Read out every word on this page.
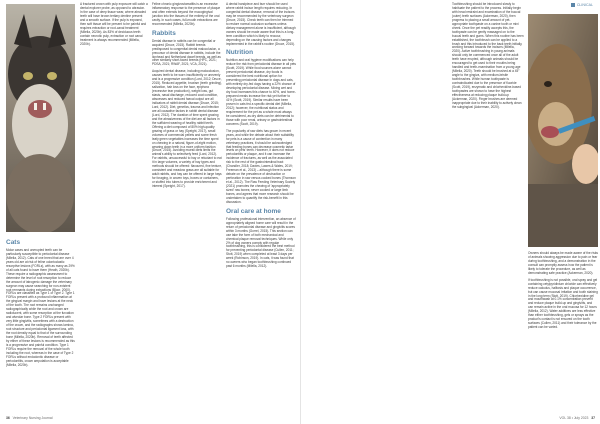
Cats

Molar cases and unerupted teeth can be particularly susceptible to periodontal disease (Milella, 2012). Cats of one breed that are over 4 years old are at risk of feline odontoclastic resorptive lesions (FORLs), with as many as 29% of all cats found to have them (Heath, 2020b). These require a radiographic assessment to determine the level of root resorption to reduce the amount of iatrogenic damage the veterinary surgeon may cause searching for non-existent root remnants during extractions (Bloor, 2000). FORLs are classified as Type 1 or Type 2. Type 1 FORLs present with a profound inflammation at the gingival margin and have lesions at the neck of the tooth. The root remains unchanged radiographically while the root and crown are radiolucent, with some resorption at the furcation and alveolar bone. Type 2 FORLs present with very little gingivitis, sometimes with a destruction of the crown, and the radiographs shows lamina, root structure and periodontal ligament loss, with the root density equal to that of the surrounding bone (Milella, 2020b). Removal of teeth affected by either of these lesions is recommended as this is a progressive and painful condition. Type 1 FORLs require the removal of the whole tooth including the root, whereas in the case of Type 2 FORLs without endodontic disease or periodontitis, crown amputation is acceptable (Milella, 2020b).

A fractured crown with pulp exposure will catch a dental explorer probe, as opposed to abrasion. In the case of deep tissue wear, where abraded teeth will have brown tertiary dentine present and a smooth surface. If the pulp is exposed, then soft tissue will be present to be painful and requires extraction or root-canal treatment (Milella, 2020b). As 83% of deciduous teeth contain necrotic pulp, extraction or root canal treatment is always recommended (Milella, 2020b).

Feline chronic gingivostomatitis is an excessive inflammatory response to the presence of plaque and often extends beyond the mucogingival junction into the tissues of the entirety of the oral cavity. In such cases, full-mouth extractions are recommended (Milella, 2020b).

Rabbits

Dental disease in rabbits can be congenital or acquired (Druce, 2015). Rabbit breeds predisposed to congenital dental malocclusion, a precursor of dental disease in rabbits, include the lionhead and Netherland dwarf breeds, as well as other similarly short-faced breeds (HPC, 2021; PDSA, 2021; RWAF, 2021; VCA, 2021).

Acquired dental disease, including malocclusion, causes teeth to be worn insufficiently or unevenly and is a progressive condition (Lord, 2012; Druce, 2015). Reduced appetite, bruxism (teeth grinding), salivation, hair loss on the face, epiphora (excessive tear production), weight loss, gut stasis, nasal discharge, reduced coat condition, abscesses and reduced faecal output are all indicators of rabbit dental disease (Druce, 2015; Lord, 2012). Diet, genetics, trauma and infection are all causative factors in rabbit dental disease (Lord, 2012). The duration of time spent grazing and the abrasiveness of the diet are all factors in the sufficient wearing of healthy rabbit teeth. Offering a diet composed of 80% high-quality grazing of grass or hay (Speight, 2017), small volumes of commercial pellets and some fresh leafy green vegetables increases the time spent on chewing in a natural, figure-of-eight motion, wearing down teeth in a more uniform fashion (Druce, 2015). Avoiding muesli diets limits the animal's ability to selectively feed (Lord, 2012). For rabbits, unsuccessful to hay or reluctant to eat it in large volumes, a variety of hay types and methods should be offered: flavoured, fine texture, consistent and meadow grass are all suitable for adult rabbits, and hay can be offered in large hays for foraging, in woven toys, boxes or containers, or stuffed into tubes to provide enrichment and interest (Speight, 2017).

A dental handpiece and burr should be used where rabbit incisor length requires reducing. In congenital dental disease, removal of the incisors may be recommended by the veterinary surgeon (Druce, 2015). Check teeth can then be trimmed to restore normal occlusion surfaces unless dietary management alone is insufficient, although owners should be made aware that this is a long-term condition which is likely to reoccur, depending on the causing factors and changes implemented in the rabbit's routine (Druce, 2015).

Nutrition

Nutrition and oral hygiene modifications can help reduce the risk from periodontal disease in all pets (Scott, 2019). While food sources alone cannot prevent periodontal disease, dry foods is considered the best nutritional option for preventing periodontal disease in dogs and cats, with entirely dry-fed dogs having a 22% chance of developing periodontal disease. Mixing wet and dry food increases this chance to 40%, and home-prepared meals increase the risk yet further to 41% (Scott, 2019). Similar results have been proven in cats fed a specific dental diet (Milella, 2012); however, the nutritional status and requirement for the pet as a whole must always be considered, as dry diets can be detrimental to those with poor renal, urinary or gastrointestinal concerns (Scott, 2019).

The popularity of raw diets has grown in recent years, and while the debate about their suitability for pets is a cause of contention in many veterinary practices, it should be acknowledged that feeding bones can decrease cosmetic tartar levels on pets' teeth. However, it does not reduce periodontitis or plaque, and it can increase the incidence of fractures, as well as the associated risk to the rest of the gastrointestinal tract (Chandler, 2018; Davies, Lawes & Wales, 2019; Freeman et al., 2013) – although there is some debate on the prevalence of obstruction or perforation in raw versus cooked bones (Thomson et al., 2012). The Raw Feeding Veterinary Society (2021) promotes the chewing of 'appropriately sized' raw bones; never cooked or large limb bones, and agrees that more research should be undertaken to quantify the risk-benefit in this discussion.

Oral care at home

Following professional intervention, an absence of appropriately aligned home care will result in the return of periodontal disease and gingivitis scores within 3 months (Gorrel, 2015). This section can use take the form of both mechanical and chemical plaque removal techniques. While only 2% of dog owners comply with regular toothbrushing, this is considered the best method for preventing periodontal disease (Cullen, 2011; Stott, 2019) when completed at least 3 days per week (Robinson, 2019). In cats, it was found that no owners who began toothbrushing continued past 6 months (Milella, 2012).

36 Veterinary Nursing Journal
CLINICAL

Toothbrushing should be introduced slowly to habituate the patient to the process. Initially begin with head restraint and examination of the buccal (outer) teeth surfaces (Ackerman, 2020), then progress to placing a small amount of pet-appropriate toothpaste on a canine tooth or mini cheek. Once the pet readily accepts this, the toothpaste can be gently massaged on to the buccal teeth and gums. When this routine has been established, the toothbrush can be applied to a brush and this introduced to the back teeth initially, working forward towards the incisors (Milella, 2020). Active toothbrushing in young animals should only be commenced once all of the adult teeth have erupted, although animals should be encouraged to get used to their mouths being handled and teeth-examination from a young age (Milella, 2020). Teeth should be brushed at a 45° angle to the gingiva, with medium-bristle toothbrushes. While human toothpaste is contraindicated due to the presence of fluoride (Scott, 2019), enzymatic and chlorhexidine-based toothpastes are shown to have the highest effectiveness at reducing plaque build-up (Ackerman, 2020). Finger brushes are deemed inappropriate due to their inability to actively clean the subgingival (Ackerman, 2020).

Owners should always be made aware of the risks of animals showing aggression due to pain or fear during toothbrushing, and a demonstration in the consult can promptly assess how the patient is likely to tolerate the procedure, as well as demonstrating safe practice (Ackerman, 2020).

If toothbrushing is not possible, oral spray and gel containing cetylpyridinium chloride can effectively reduce calculus, halitosis and plaque occurrence, but can cause mucosal irritation and tooth staining in the long term (Stott, 2019). Chlorhexidine gel and mouthwash at 0.1% concentration prevent and reduce plaque build-up and gingivitis, and can remain active in the oral mucosa for 12 hours (Milella, 2012). Water additives are less effective than either toothbrushing, gels or sprays as the product's contact is not ensured on the tooth surfaces (Cullen, 2011) and their tolerance by the patient can be varied.

VOL 38 • July 2023 37
